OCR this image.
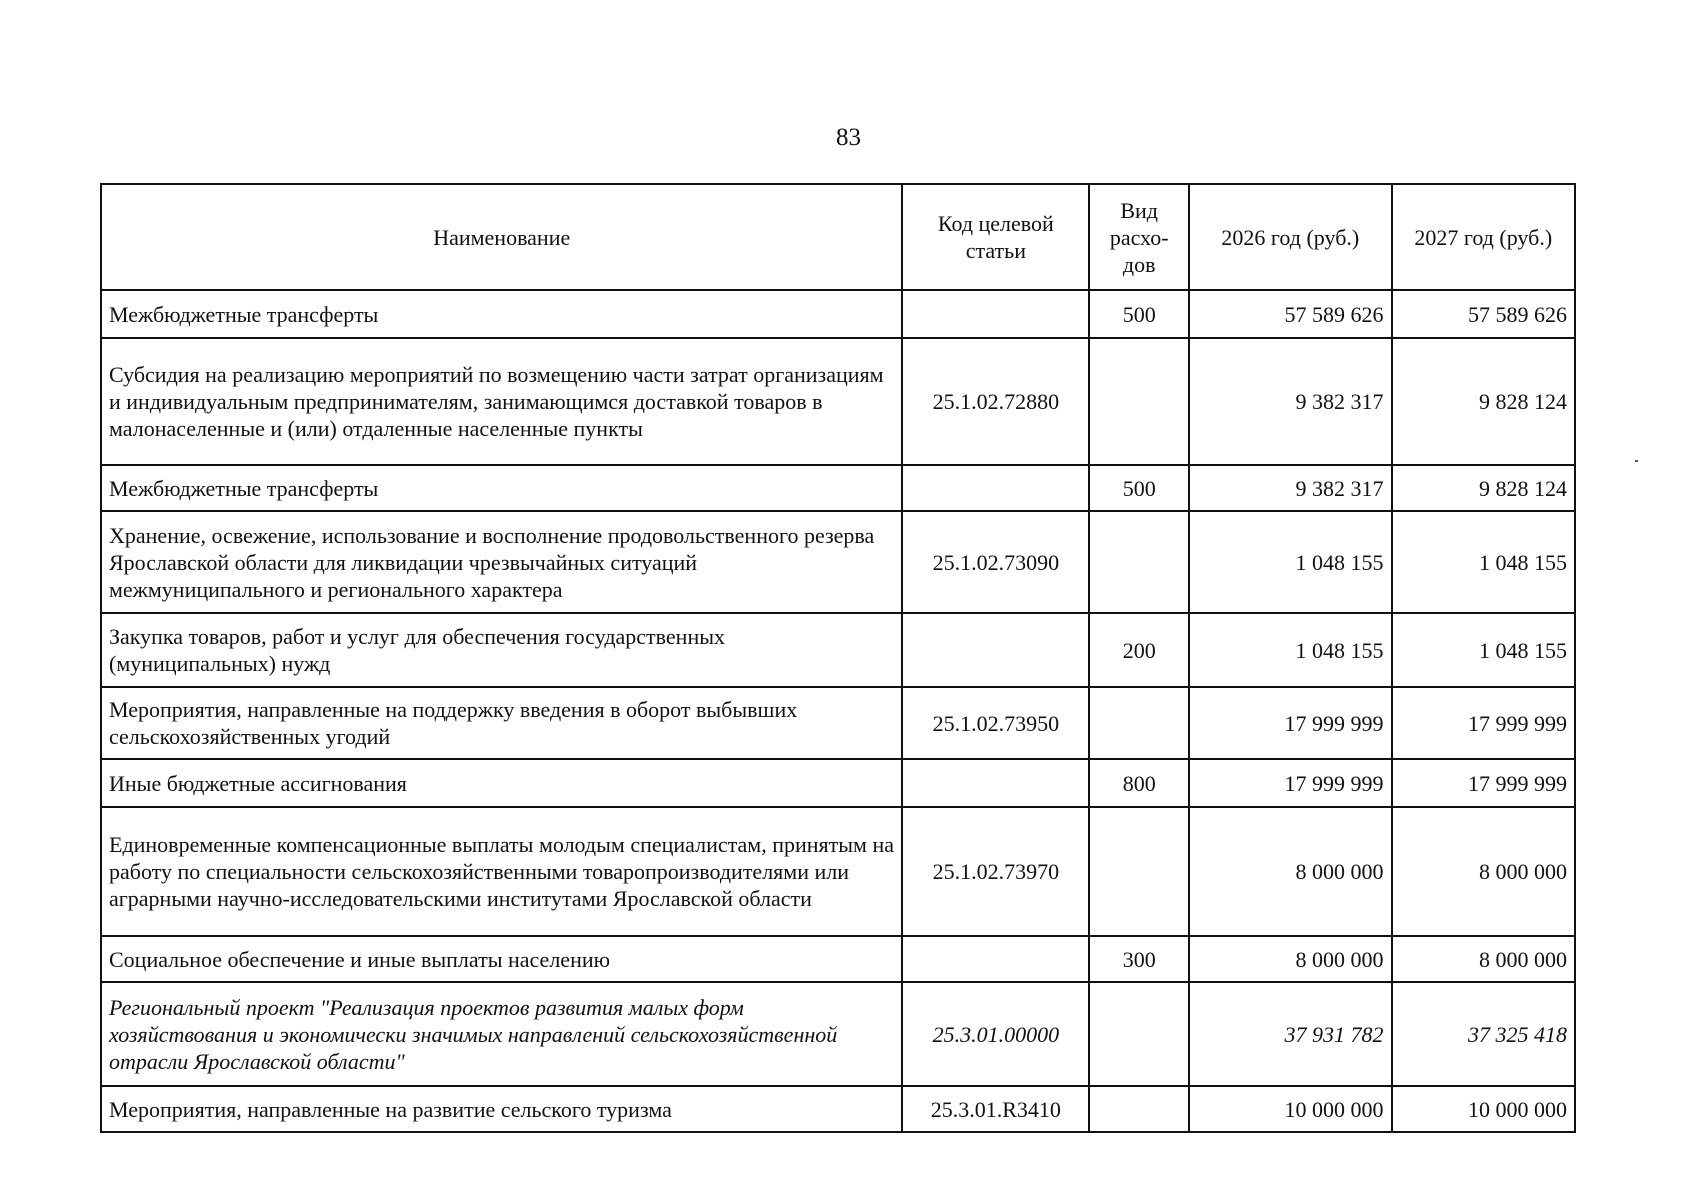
83
Наименование	Код целевой статьи	Вид расхо-дов	2026 год (руб.)	2027 год (руб.)
Межбюджетные трансферты		500	57 589 626	57 589 626
Субсидия на реализацию мероприятий по возмещению части затрат организациям и индивидуальным предпринимателям, занимающимся доставкой товаров в малонаселенные и (или) отдаленные населенные пункты	25.1.02.72880		9 382 317	9 828 124
Межбюджетные трансферты		500	9 382 317	9 828 124
Хранение, освежение, использование и восполнение продовольственного резерва Ярославской области для ликвидации чрезвычайных ситуаций межмуниципального и регионального характера	25.1.02.73090		1 048 155	1 048 155
Закупка товаров, работ и услуг для обеспечения государственных (муниципальных) нужд		200	1 048 155	1 048 155
Мероприятия, направленные на поддержку введения в оборот выбывших сельскохозяйственных угодий	25.1.02.73950		17 999 999	17 999 999
Иные бюджетные ассигнования		800	17 999 999	17 999 999
Единовременные компенсационные выплаты молодым специалистам, принятым на работу по специальности сельскохозяйственными товаропроизводителями или аграрными научно-исследовательскими институтами Ярославской области	25.1.02.73970		8 000 000	8 000 000
Социальное обеспечение и иные выплаты населению		300	8 000 000	8 000 000
Региональный проект "Реализация проектов развития малых форм хозяйствования и экономически значимых направлений сельскохозяйственной отрасли Ярославской области"	25.3.01.00000		37 931 782	37 325 418
Мероприятия, направленные на развитие сельского туризма	25.3.01.R3410		10 000 000	10 000 000
